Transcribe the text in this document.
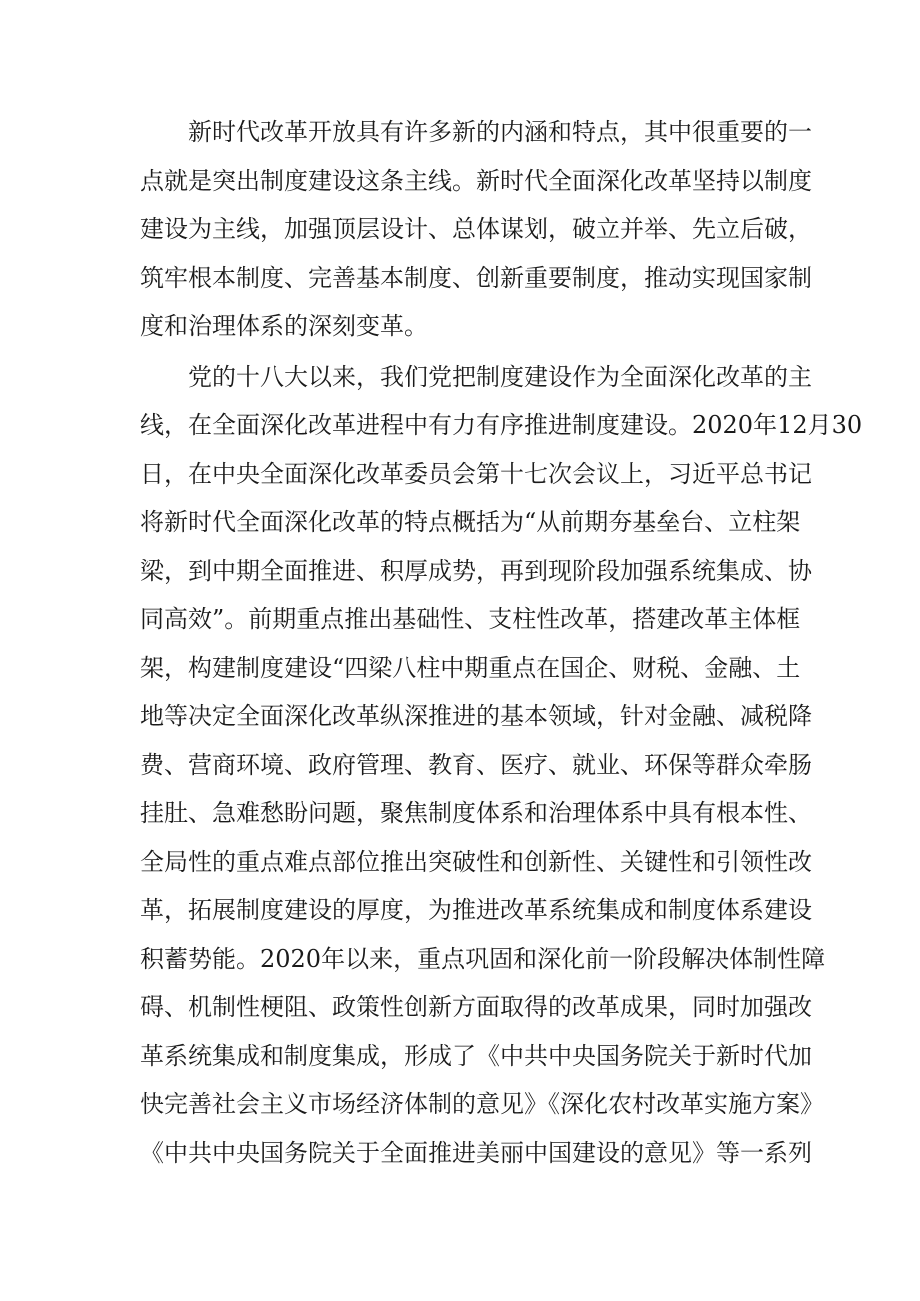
新时代改革开放具有许多新的内涵和特点，其中很重要的一
点就是突出制度建设这条主线。新时代全面深化改革坚持以制度
建设为主线，加强顶层设计、总体谋划，破立并举、先立后破，
筑牢根本制度、完善基本制度、创新重要制度，推动实现国家制
度和治理体系的深刻变革。
党的十八大以来，我们党把制度建设作为全面深化改革的主
线，在全面深化改革进程中有力有序推进制度建设。2020年12月30
日，在中央全面深化改革委员会第十七次会议上，习近平总书记
将新时代全面深化改革的特点概括为“从前期夯基垒台、立柱架
梁，到中期全面推进、积厚成势，再到现阶段加强系统集成、协
同高效”。前期重点推出基础性、支柱性改革，搭建改革主体框
架，构建制度建设“四梁八柱中期重点在国企、财税、金融、土
地等决定全面深化改革纵深推进的基本领域，针对金融、减税降
费、营商环境、政府管理、教育、医疗、就业、环保等群众牵肠
挂肚、急难愁盼问题，聚焦制度体系和治理体系中具有根本性、
全局性的重点难点部位推出突破性和创新性、关键性和引领性改
革，拓展制度建设的厚度，为推进改革系统集成和制度体系建设
积蓄势能。2020年以来，重点巩固和深化前一阶段解决体制性障
碍、机制性梗阻、政策性创新方面取得的改革成果，同时加强改
革系统集成和制度集成，形成了《中共中央国务院关于新时代加
快完善社会主义市场经济体制的意见》《深化农村改革实施方案》
《中共中央国务院关于全面推进美丽中国建设的意见》等一系列
